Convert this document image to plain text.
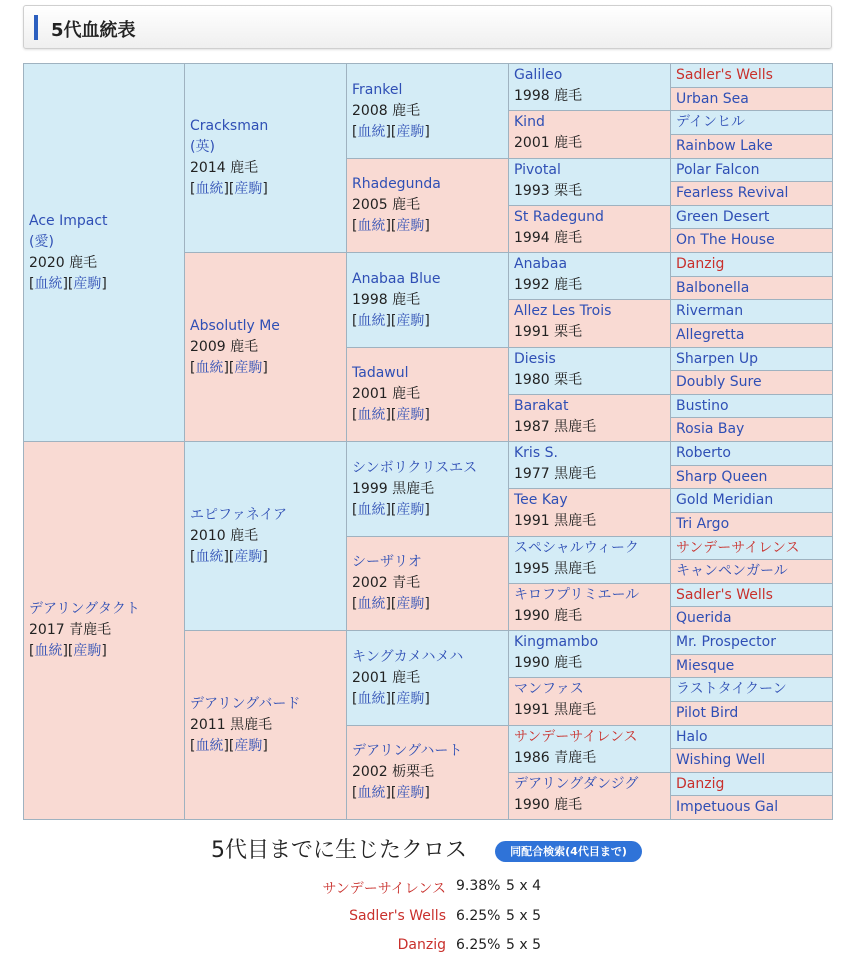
5代血統表
Ace Impact
(愛)
2020 鹿毛
[血統][産駒]
デアリングタクト
2017 青鹿毛
[血統][産駒]
Cracksman
(英)
2014 鹿毛
[血統][産駒]
Absolutly Me
2009 鹿毛
[血統][産駒]
エピファネイア
2010 鹿毛
[血統][産駒]
デアリングバード
2011 黒鹿毛
[血統][産駒]
Frankel
2008 鹿毛
[血統][産駒]
Rhadegunda
2005 鹿毛
[血統][産駒]
Anabaa Blue
1998 鹿毛
[血統][産駒]
Tadawul
2001 鹿毛
[血統][産駒]
シンボリクリスエス
1999 黒鹿毛
[血統][産駒]
シーザリオ
2002 青毛
[血統][産駒]
キングカメハメハ
2001 鹿毛
[血統][産駒]
デアリングハート
2002 栃栗毛
[血統][産駒]
Galileo
1998 鹿毛
Kind
2001 鹿毛
Pivotal
1993 栗毛
St Radegund
1994 鹿毛
Anabaa
1992 鹿毛
Allez Les Trois
1991 栗毛
Diesis
1980 栗毛
Barakat
1987 黒鹿毛
Kris S.
1977 黒鹿毛
Tee Kay
1991 黒鹿毛
スペシャルウィーク
1995 黒鹿毛
キロフプリミエール
1990 鹿毛
Kingmambo
1990 鹿毛
マンファス
1991 黒鹿毛
サンデーサイレンス
1986 青鹿毛
デアリングダンジグ
1990 鹿毛
Sadler's Wells
Urban Sea
デインヒル
Rainbow Lake
Polar Falcon
Fearless Revival
Green Desert
On The House
Danzig
Balbonella
Riverman
Allegretta
Sharpen Up
Doubly Sure
Bustino
Rosia Bay
Roberto
Sharp Queen
Gold Meridian
Tri Argo
サンデーサイレンス
キャンペンガール
Sadler's Wells
Querida
Mr. Prospector
Miesque
ラストタイクーン
Pilot Bird
Halo
Wishing Well
Danzig
Impetuous Gal
5代目までに生じたクロス	同配合検索(4代目まで)
サンデーサイレンス 9.38% 5 x 4
Sadler's Wells 6.25% 5 x 5
Danzig 6.25% 5 x 5
